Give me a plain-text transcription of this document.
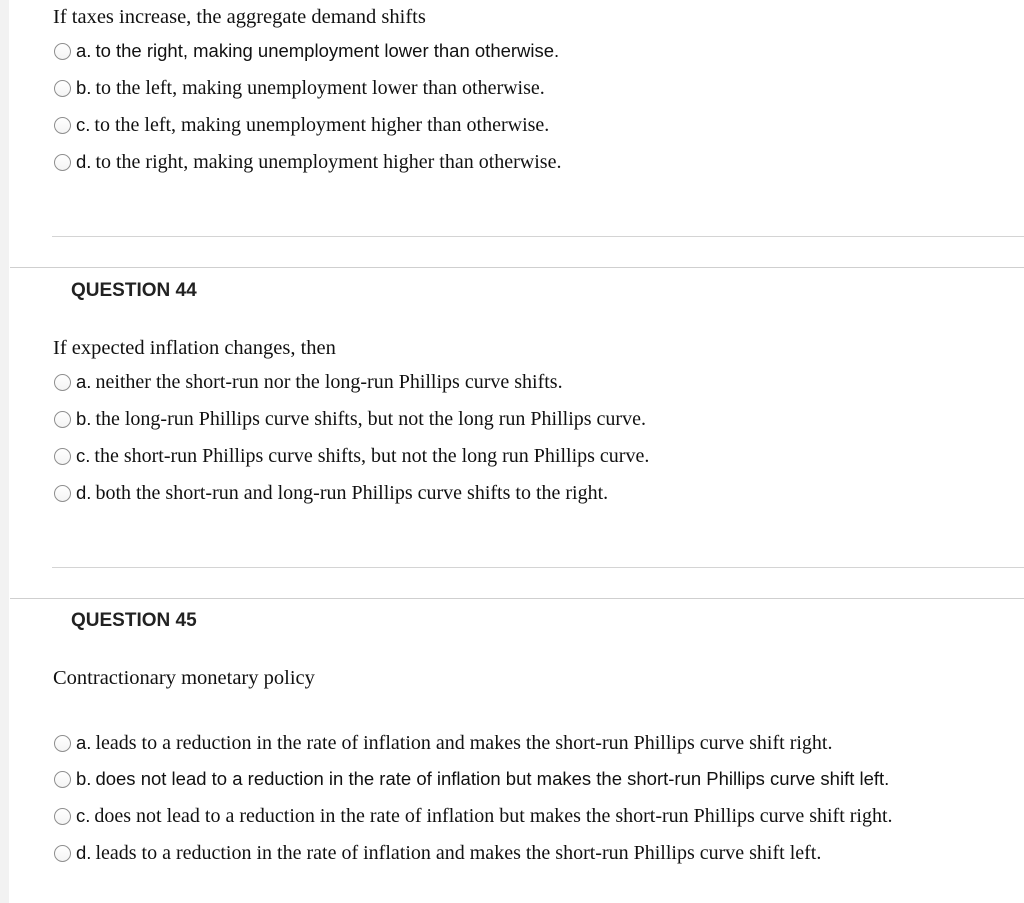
If taxes increase, the aggregate demand shifts
a. to the right, making unemployment lower than otherwise.
b. to the left, making unemployment lower than otherwise.
c. to the left, making unemployment higher than otherwise.
d. to the right, making unemployment higher than otherwise.
QUESTION 44
If expected inflation changes, then
a. neither the short-run nor the long-run Phillips curve shifts.
b. the long-run Phillips curve shifts, but not the long run Phillips curve.
c. the short-run Phillips curve shifts, but not the long run Phillips curve.
d. both the short-run and long-run Phillips curve shifts to the right.
QUESTION 45
Contractionary monetary policy
a. leads to a reduction in the rate of inflation and makes the short-run Phillips curve shift right.
b. does not lead to a reduction in the rate of inflation but makes the short-run Phillips curve shift left.
c. does not lead to a reduction in the rate of inflation but makes the short-run Phillips curve shift right.
d. leads to a reduction in the rate of inflation and makes the short-run Phillips curve shift left.
